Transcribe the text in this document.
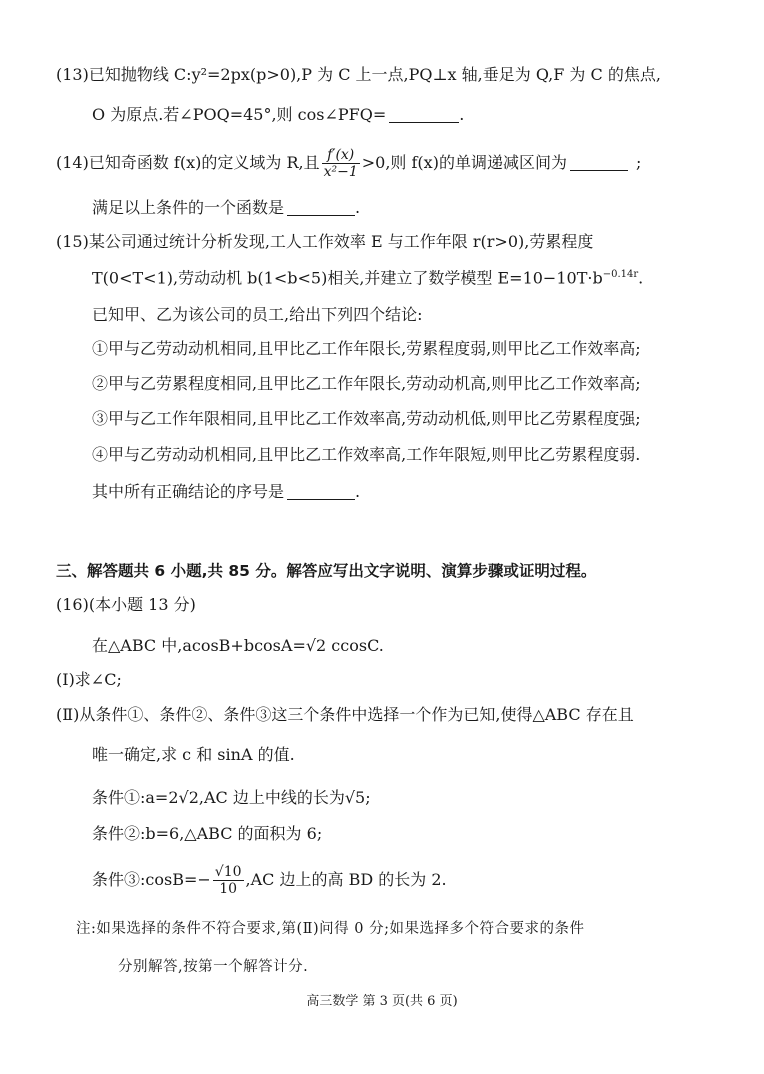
(13)已知抛物线 C:y²=2px(p>0),P 为 C 上一点,PQ⊥x 轴,垂足为 Q,F 为 C 的焦点,
O 为原点.若∠POQ=45°,则 cos∠PFQ=	.
(14)已知奇函数 f(x)的定义域为 R,且 $\frac{f'(x)}{\text{x²−1}} >0$,则 f(x)的单调递减区间为	;
满足以上条件的一个函数是	.
(15)某公司通过统计分析发现,工人工作效率 E 与工作年限 r(r>0),劳累程度
T(0<T<1),劳动动机 b(1<b<5)相关,并建立了数学模型 $E=10-10T\cdot b^{-0.14r}$.
已知甲、乙为该公司的员工,给出下列四个结论:
①甲与乙劳动动机相同,且甲比乙工作年限长,劳累程度弱,则甲比乙工作效率高;
②甲与乙劳累程度相同,且甲比乙工作年限长,劳动动机高,则甲比乙工作效率高;
③甲与乙工作年限相同,且甲比乙工作效率高,劳动动机低,则甲比乙劳累程度强;
④甲与乙劳动动机相同,且甲比乙工作效率高,工作年限短,则甲比乙劳累程度弱.
其中所有正确结论的序号是	.
三、解答题共 6 小题,共 85 分。解答应写出文字说明、演算步骤或证明过程。
(16)(本小题 13 分)
在△ABC 中,acosB+bcosA=√2 ccosC.
(Ⅰ)求∠C;
(Ⅱ)从条件①、条件②、条件③这三个条件中选择一个作为已知,使得△ABC 存在且
唯一确定,求 c 和 sinA 的值.
条件①:a=2√2,AC 边上中线的长为√5;
条件②:b=6,△ABC 的面积为 6;
条件③:cosB=− $\frac{√10}{10} ,AC$ 边上的高 BD 的长为 2.
注:如果选择的条件不符合要求,第(Ⅱ)问得 0 分;如果选择多个符合要求的条件
分别解答,按第一个解答计分.
高三数学 第 3 页(共 6 页)
